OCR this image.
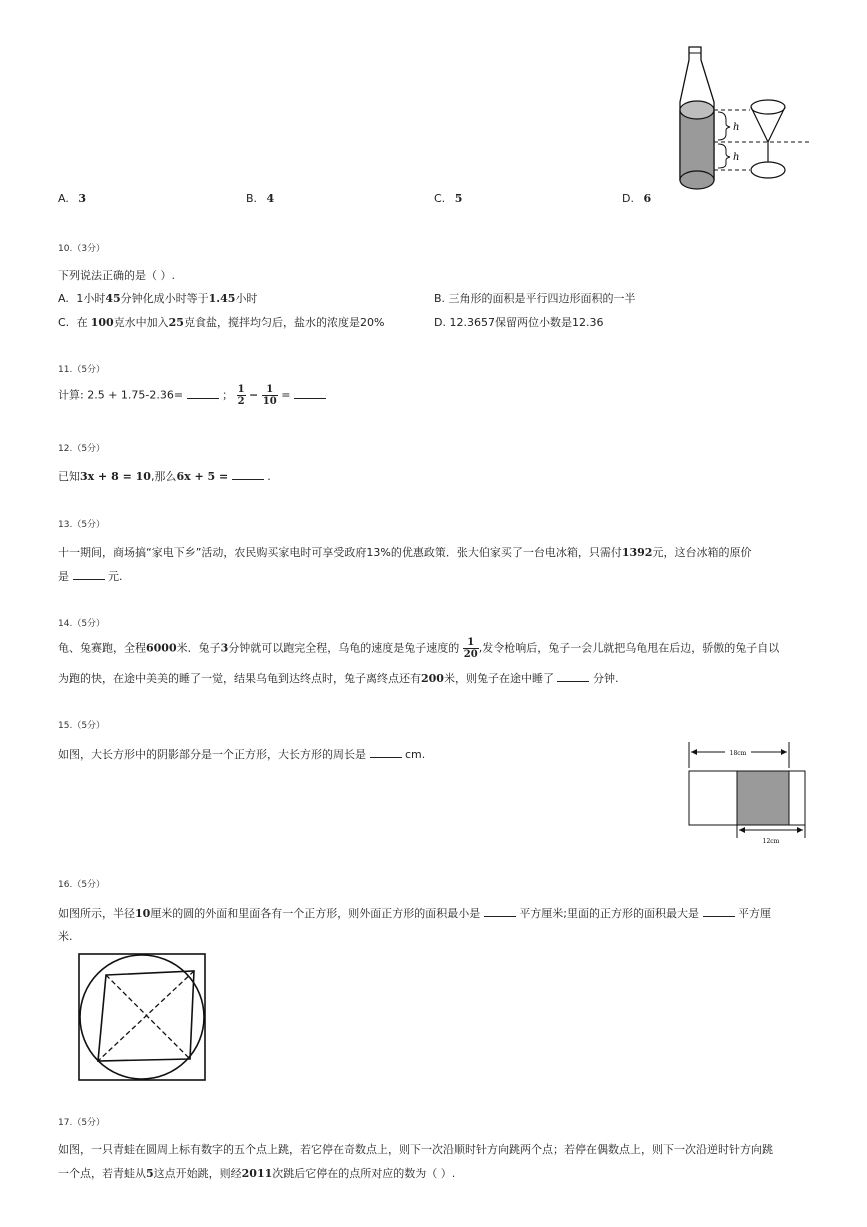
h
h
A. 3	B. 4	C. 5	D. 6
10.（3分）
下列说法正确的是（ ）.
A. 1小时45分钟化成小时等于1.45小时	B. 三角形的面积是平行四边形面积的一半
C. 在 100克水中加入25克食盐，搅拌均匀后，盐水的浓度是20%	D. 12.3657保留两位小数是12.36
11.（5分）
计算: 2.5 + 1.75-2.36=	； $\frac{1}{2} - \frac{1}{10}$ =
12.（5分）
已知3x + 8 = 10,那么6x + 5 =	.
13.（5分）
十一期间，商场搞“家电下乡”活动，农民购买家电时可享受政府13%的优惠政策．张大伯家买了一台电冰箱，只需付1392元，这台冰箱的原价
是	元.
14.（5分）
龟、兔赛跑，全程6000米．兔子3分钟就可以跑完全程，乌龟的速度是兔子速度的 $\frac{1}{20}$ ,发令枪响后，兔子一会儿就把乌龟甩在后边，骄傲的兔子自以
为跑的快，在途中美美的睡了一觉，结果乌龟到达终点时，兔子离终点还有200米，则兔子在途中睡了	分钟.
15.（5分）
如图，大长方形中的阴影部分是一个正方形，大长方形的周长是	cm.	18cm
12cm
16.（5分）
如图所示，半径10厘米的圆的外面和里面各有一个正方形，则外面正方形的面积最小是	平方厘米;里面的正方形的面积最大是	平方厘
米.
17.（5分）
如图，一只青蛙在圆周上标有数字的五个点上跳，若它停在奇数点上，则下一次沿顺时针方向跳两个点；若停在偶数点上，则下一次沿逆时针方向跳
一个点，若青蛙从5这点开始跳，则经2011次跳后它停在的点所对应的数为（ ）.
